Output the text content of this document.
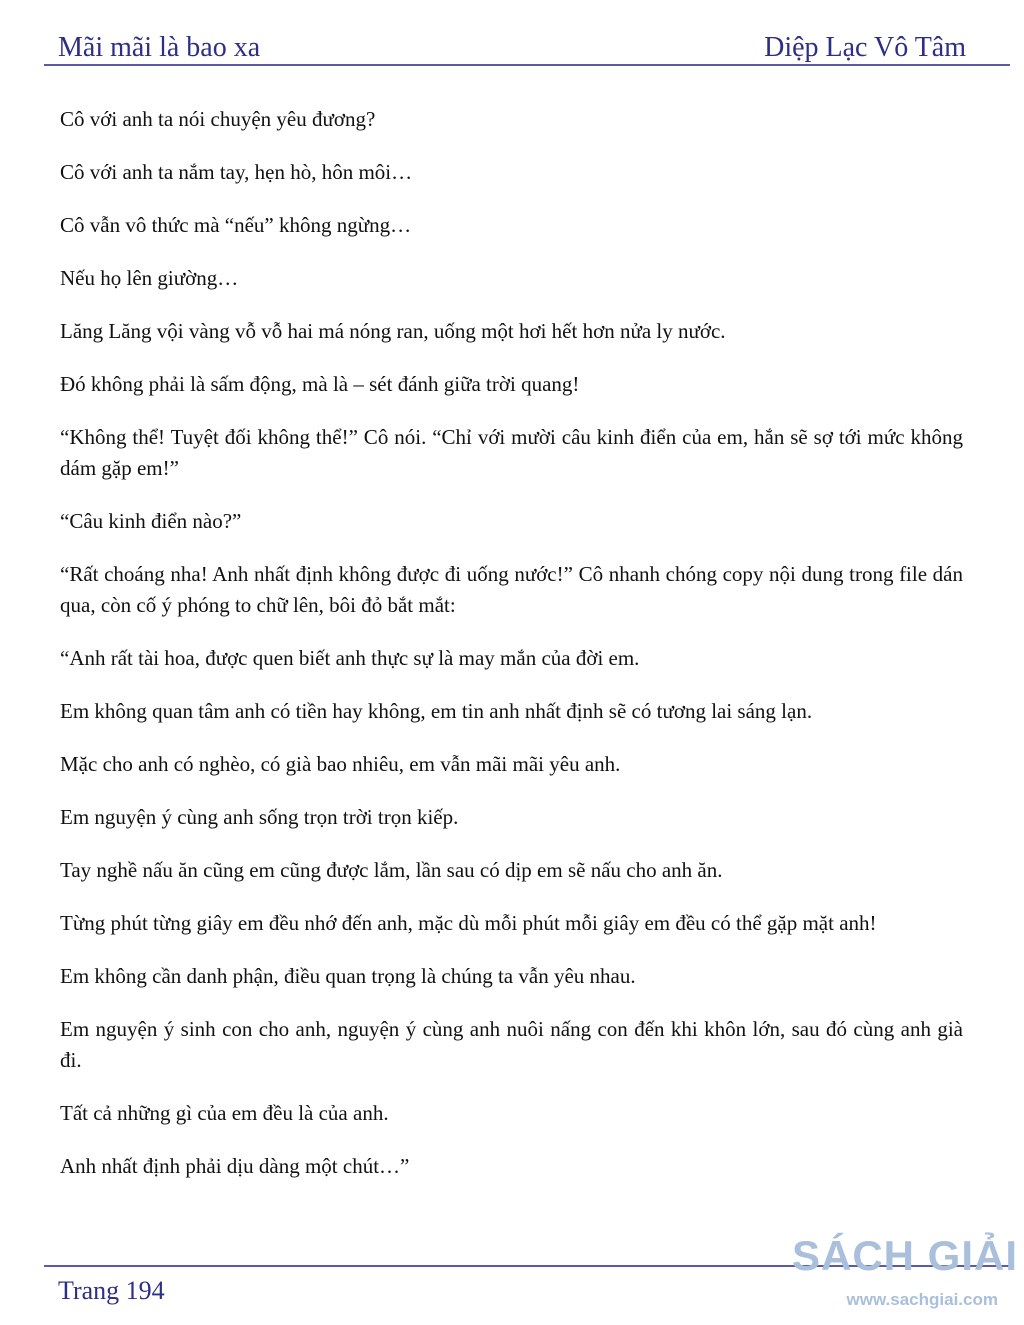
Mãi mãi là bao xa	Diệp Lạc Vô Tâm

Cô với anh ta nói chuyện yêu đương?

Cô với anh ta nắm tay, hẹn hò, hôn môi…

Cô vẫn vô thức mà “nếu” không ngừng…

Nếu họ lên giường…

Lăng Lăng vội vàng vỗ vỗ hai má nóng ran, uống một hơi hết hơn nửa ly nước.

Đó không phải là sấm động, mà là – sét đánh giữa trời quang!

“Không thể! Tuyệt đối không thể!” Cô nói. “Chỉ với mười câu kinh điển của em, hắn sẽ sợ tới mức không dám gặp em!”

“Câu kinh điển nào?”

“Rất choáng nha! Anh nhất định không được đi uống nước!” Cô nhanh chóng copy nội dung trong file dán qua, còn cố ý phóng to chữ lên, bôi đỏ bắt mắt:

“Anh rất tài hoa, được quen biết anh thực sự là may mắn của đời em.

Em không quan tâm anh có tiền hay không, em tin anh nhất định sẽ có tương lai sáng lạn.

Mặc cho anh có nghèo, có già bao nhiêu, em vẫn mãi mãi yêu anh.

Em nguyện ý cùng anh sống trọn trời trọn kiếp.

Tay nghề nấu ăn cũng em cũng được lắm, lần sau có dịp em sẽ nấu cho anh ăn.

Từng phút từng giây em đều nhớ đến anh, mặc dù mỗi phút mỗi giây em đều có thể gặp mặt anh!

Em không cần danh phận, điều quan trọng là chúng ta vẫn yêu nhau.

Em nguyện ý sinh con cho anh, nguyện ý cùng anh nuôi nấng con đến khi khôn lớn, sau đó cùng anh già đi.

Tất cả những gì của em đều là của anh.

Anh nhất định phải dịu dàng một chút…”

Trang 194
SÁCH GIẢI
www.sachgiai.com
